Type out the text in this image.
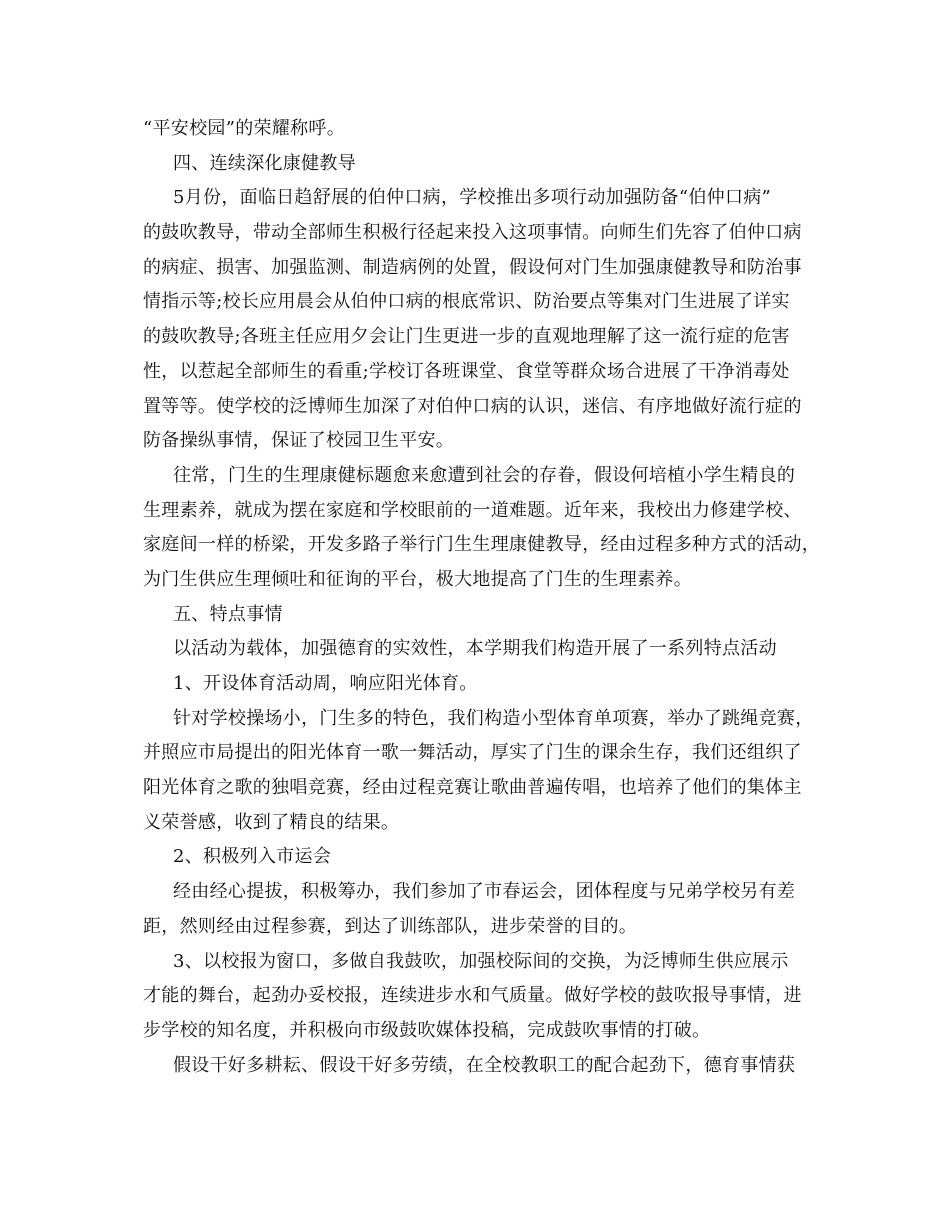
“平安校园”的荣耀称呼。
四、连续深化康健教导
5月份，面临日趋舒展的伯仲口病，学校推出多项行动加强防备“伯仲口病”
的鼓吹教导，带动全部师生积极行径起来投入这项事情。向师生们先容了伯仲口病
的病症、损害、加强监测、制造病例的处置，假设何对门生加强康健教导和防治事
情指示等;校长应用晨会从伯仲口病的根底常识、防治要点等集对门生进展了详实
的鼓吹教导;各班主任应用夕会让门生更进一步的直观地理解了这一流行症的危害
性，以惹起全部师生的看重;学校订各班课堂、食堂等群众场合进展了干净消毒处
置等等。使学校的泛博师生加深了对伯仲口病的认识，迷信、有序地做好流行症的
防备操纵事情，保证了校园卫生平安。
往常，门生的生理康健标题愈来愈遭到社会的存眷，假设何培植小学生精良的
生理素养，就成为摆在家庭和学校眼前的一道难题。近年来，我校出力修建学校、
家庭间一样的桥梁，开发多路子举行门生生理康健教导，经由过程多种方式的活动，
为门生供应生理倾吐和征询的平台，极大地提高了门生的生理素养。
五、特点事情
以活动为载体，加强德育的实效性，本学期我们构造开展了一系列特点活动
1、开设体育活动周，响应阳光体育。
针对学校操场小，门生多的特色，我们构造小型体育单项赛，举办了跳绳竞赛，
并照应市局提出的阳光体育一歌一舞活动，厚实了门生的课余生存，我们还组织了
阳光体育之歌的独唱竞赛，经由过程竞赛让歌曲普遍传唱，也培养了他们的集体主
义荣誉感，收到了精良的结果。
2、积极列入市运会
经由经心提拔，积极筹办，我们参加了市春运会，团体程度与兄弟学校另有差
距，然则经由过程参赛，到达了训练部队，进步荣誉的目的。
3、以校报为窗口，多做自我鼓吹，加强校际间的交换，为泛博师生供应展示
才能的舞台，起劲办妥校报，连续进步水和气质量。做好学校的鼓吹报导事情，进
步学校的知名度，并积极向市级鼓吹媒体投稿，完成鼓吹事情的打破。
假设干好多耕耘、假设干好多劳绩，在全校教职工的配合起劲下，德育事情获
